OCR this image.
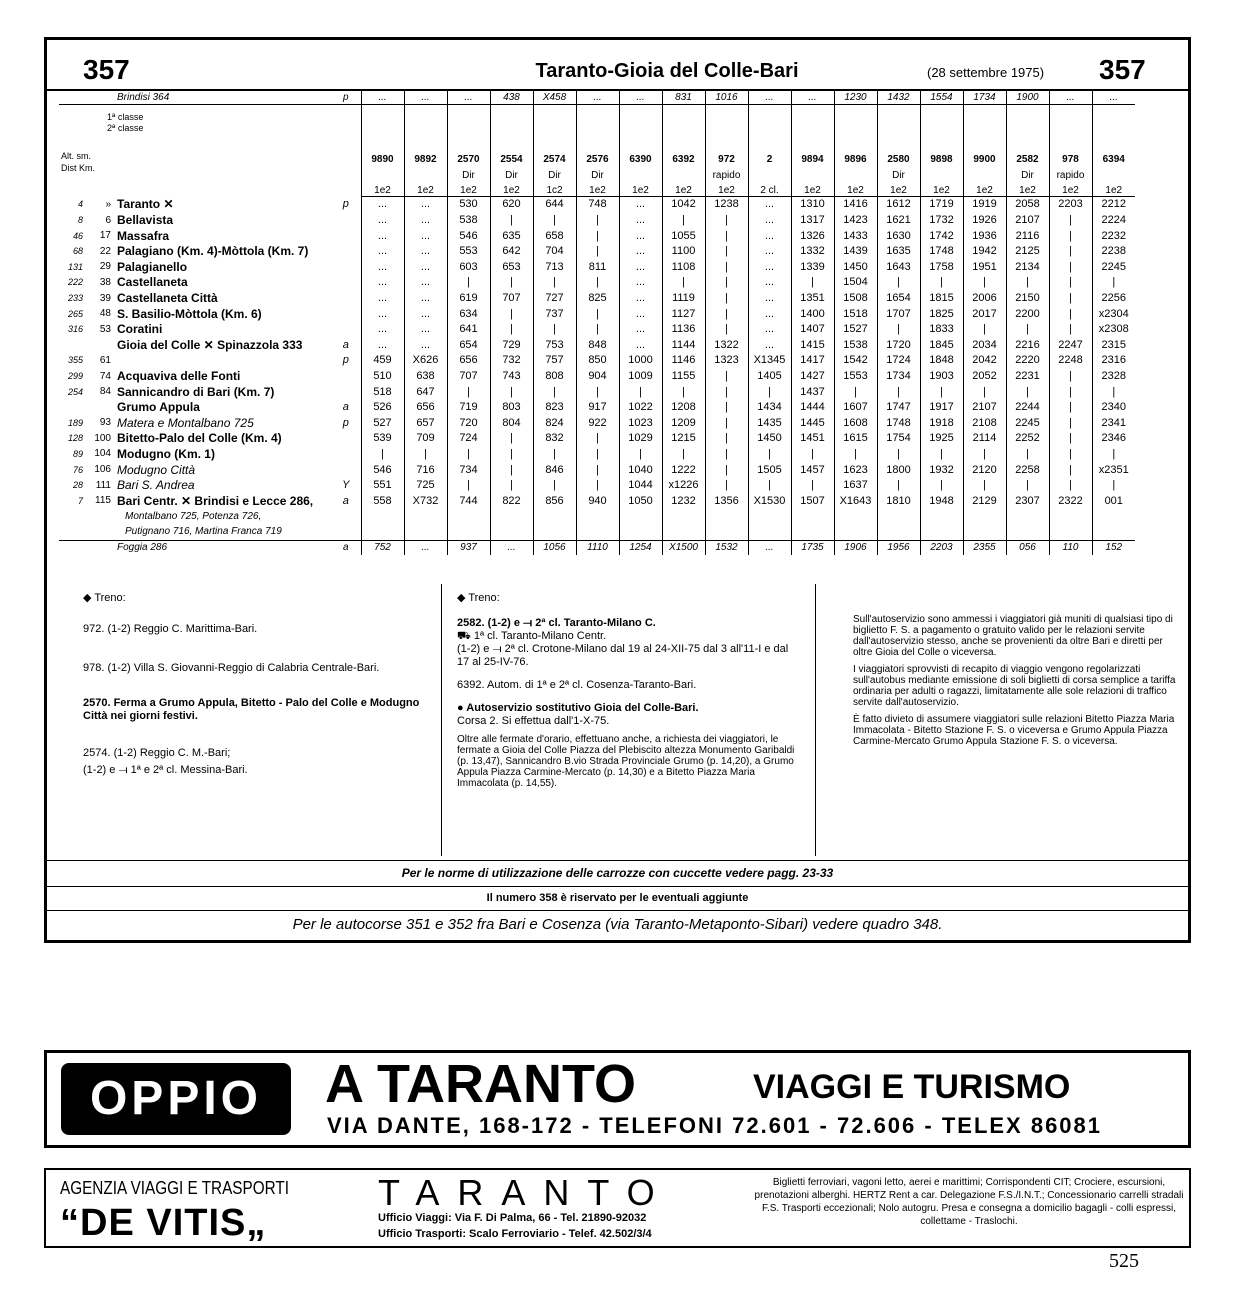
357	Taranto-Gioia del Colle-Bari	(28 settembre 1975) 357
1ª classe
2ª classe
Alt. sm.
Dist Km.
		Brindisi 364	p	...	...	...	438	X458	...	...	831	1016	...	...	1230	1432	1554	1734	1900	...	...
				9890	9892	2570	2554	2574	2576	6390	6392	972	2	9894	9896	2580	9898	9900	2582	978	6394
						Dir	Dir	Dir	Dir			rapido				Dir			Dir	rapido	
				1e2	1e2	1e2	1e2	1c2	1e2	1e2	1e2	1e2	2 cl.	1e2	1e2	1e2	1e2	1e2	1e2	1e2	1e2
4	»	Taranto ✕	p	...	...	530	620	644	748	...	1042	1238	...	1310	1416	1612	1719	1919	2058	2203	2212
8	6	Bellavista		...	...	538	|	|	|	...	|	|	...	1317	1423	1621	1732	1926	2107	|	2224
46	17	Massafra		...	...	546	635	658	|	...	1055	|	...	1326	1433	1630	1742	1936	2116	|	2232
68	22	Palagiano (Km. 4)-Mòttola (Km. 7)		...	...	553	642	704	|	...	1100	|	...	1332	1439	1635	1748	1942	2125	|	2238
131	29	Palagianello		...	...	603	653	713	811	...	1108	|	...	1339	1450	1643	1758	1951	2134	|	2245
222	38	Castellaneta		...	...	|	|	|	|	...	|	|	...	|	1504	|	|	|	|	|	|
233	39	Castellaneta Città		...	...	619	707	727	825	...	1119	|	...	1351	1508	1654	1815	2006	2150	|	2256
265	48	S. Basilio-Mòttola (Km. 6)		...	...	634	|	737	|	...	1127	|	...	1400	1518	1707	1825	2017	2200	|	x2304
316	53	Coratini		...	...	641	|	|	|	...	1136	|	...	1407	1527	|	1833	|	|	|	x2308
		Gioia del Colle ✕ Spinazzola 333	a	...	...	654	729	753	848	...	1144	1322	...	1415	1538	1720	1845	2034	2216	2247	2315
355	61		p	459	X626	656	732	757	850	1000	1146	1323	X1345	1417	1542	1724	1848	2042	2220	2248	2316
299	74	Acquaviva delle Fonti		510	638	707	743	808	904	1009	1155	|	1405	1427	1553	1734	1903	2052	2231	|	2328
254	84	Sannicandro di Bari (Km. 7)		518	647	|	|	|	|	|	|	|	|	1437	|	|	|	|	|	|	|
		Grumo Appula	a	526	656	719	803	823	917	1022	1208	|	1434	1444	1607	1747	1917	2107	2244	|	2340
189	93	Matera e Montalbano 725	p	527	657	720	804	824	922	1023	1209	|	1435	1445	1608	1748	1918	2108	2245	|	2341
128	100	Bitetto-Palo del Colle (Km. 4)		539	709	724	|	832	|	1029	1215	|	1450	1451	1615	1754	1925	2114	2252	|	2346
89	104	Modugno (Km. 1)		|	|	|	|	|	|	|	|	|	|	|	|	|	|	|	|	|	|
76	106	Modugno Città		546	716	734	|	846	|	1040	1222	|	1505	1457	1623	1800	1932	2120	2258	|	x2351
28	111	Bari S. Andrea	Y	551	725	|	|	|	|	1044	x1226	|	|	|	1637	|	|	|	|	|	|
7	115	Bari Centr. ✕ Brindisi e Lecce 286,	a	558	X732	744	822	856	940	1050	1232	1356	X1530	1507	X1643	1810	1948	2129	2307	2322	001
		Montalbano 725, Potenza 726,																			
		Putignano 716, Martina Franca 719																			
		Foggia 286	a	752	...	937	...	1056	1110	1254	X1500	1532	...	1735	1906	1956	2203	2355	056	110	152
◆ Treno:
972. (1-2) Reggio C. Marittima-Bari.
978. (1-2) Villa S. Giovanni-Reggio di Calabria Centrale-Bari.
2570. Ferma a Grumo Appula, Bitetto - Palo del Colle e Modugno Città nei giorni festivi.
2574. (1-2) Reggio C. M.-Bari;
(1-2) e ⟞ 1ª e 2ª cl. Messina-Bari.
◆ Treno:
2582. (1-2) e ⟞ 2ª cl. Taranto-Milano C.
⛟ 1ª cl. Taranto-Milano Centr.
(1-2) e ⟞ 2ª cl. Crotone-Milano dal 19 al 24-XII-75 dal 3 all'11-I e dal 17 al 25-IV-76.
6392. Autom. di 1ª e 2ª cl. Cosenza-Taranto-Bari.
● Autoservizio sostitutivo Gioia del Colle-Bari.
Corsa 2. Si effettua dall'1-X-75.
Oltre alle fermate d'orario, effettuano anche, a richiesta dei viaggiatori, le fermate a Gioia del Colle Piazza del Plebiscito altezza Monumento Garibaldi (p. 13,47), Sannicandro B.vio Strada Provinciale Grumo (p. 14,20), a Grumo Appula Piazza Carmine-Mercato (p. 14,30) e a Bitetto Piazza Maria Immacolata (p. 14,55).
Sull'autoservizio sono ammessi i viaggiatori già muniti di qualsiasi tipo di biglietto F. S. a pagamento o gratuito valido per le relazioni servite dall'autoservizio stesso, anche se provenienti da oltre Bari e diretti per oltre Gioia del Colle o viceversa.
I viaggiatori sprovvisti di recapito di viaggio vengono regolarizzati sull'autobus mediante emissione di soli biglietti di corsa semplice a tariffa ordinaria per adulti o ragazzi, limitatamente alle sole relazioni di traffico servite dall'autoservizio.
È fatto divieto di assumere viaggiatori sulle relazioni Bitetto Piazza Maria Immacolata - Bitetto Stazione F. S. o viceversa e Grumo Appula Piazza Carmine-Mercato Grumo Appula Stazione F. S. o viceversa.
Per le norme di utilizzazione delle carrozze con cuccette vedere pagg. 23-33
Il numero 358 è riservato per le eventuali aggiunte
Per le autocorse 351 e 352 fra Bari e Cosenza (via Taranto-Metaponto-Sibari) vedere quadro 348.
OPPIO	A TARANTO	VIAGGI E TURISMO
VIA DANTE, 168-172 - TELEFONI 72.601 - 72.606 - TELEX 86081
AGENZIA VIAGGI E TRASPORTI
“DE VITIS„
TARANTO
Ufficio Viaggi: Via F. Di Palma, 66 - Tel. 21890-92032
Ufficio Trasporti: Scalo Ferroviario - Telef. 42.502/3/4
Biglietti ferroviari, vagoni letto, aerei e marittimi; Corrispondenti CIT; Crociere, escursioni, prenotazioni alberghi. HERTZ Rent a car. Delegazione F.S./I.N.T.; Concessionario carrelli stradali F.S. Trasporti eccezionali; Nolo autogru. Presa e consegna a domicilio bagagli - colli espressi, collettame - Traslochi.
525
